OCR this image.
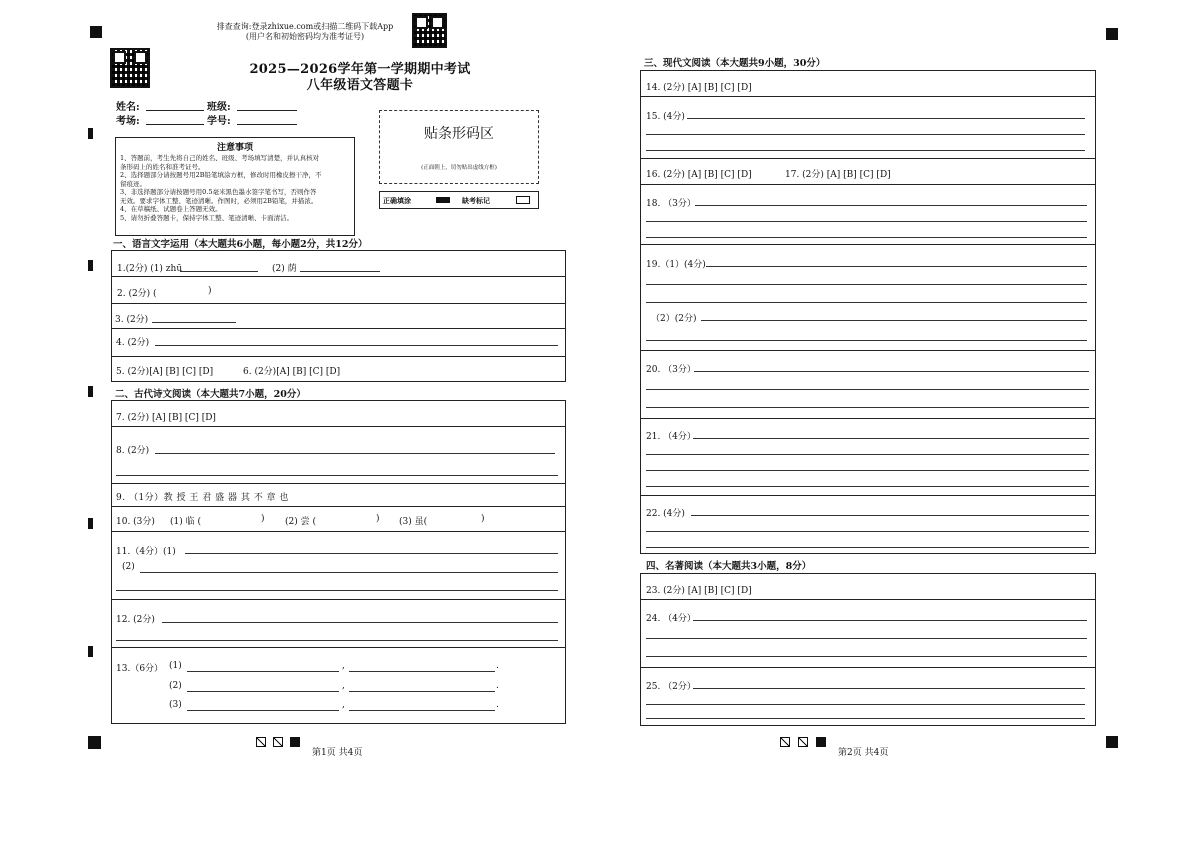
排查查询:登录zhixue.com或扫描二维码下载App
(用户名和初始密码均为准考证号)
2025—2026学年第一学期期中考试
八年级语文答题卡
姓名:	班级:
考场:	学号:
注意事项
1、答题前，考生先将自己的姓名、班级、考场填写清楚，并认真核对
条形码上的姓名和准考证号。
2、选择题部分请按题号用2B铅笔填涂方框，修改时用橡皮擦干净，不
留痕迹。
3、非选择题部分请按题号用0.5毫米黑色墨水签字笔书写，否则作答
无效。要求字体工整、笔迹清晰。作图时，必须用2B铅笔，并描浓。
4、在草稿纸、试题卷上答题无效。
5、请勿折叠答题卡，保持字体工整、笔迹清晰、卡面清洁。
贴条形码区
(正面朝上，切勿贴出虚线方框)
正确填涂	缺考标记
一、语言文字运用（本大题共6小题，每小题2分，共12分）
1.(2分) (1) zhū	(2) 荫
2. (2分) (	)
3. (2分)
4. (2分)
5. (2分)[A] [B] [C] [D]	6. (2分)[A] [B] [C] [D]
二、古代诗文阅读（本大题共7小题，20分）
7. (2分) [A] [B] [C] [D]
8. (2分)
9. （1分）教 授 王 君 盛 器 其 不 章 也
10. (3分) (1) 临 (	) (2) 尝 (	) (3) 虽(	)
11.（4分）(1)
(2)
12. (2分)
13.（6分） (1)	,	.
(2)	,	.
(3)	,	.
第1页 共4页
三、现代文阅读（本大题共9小题，30分）
14. (2分) [A] [B] [C] [D]
15. (4分)
16. (2分) [A] [B] [C] [D]	17. (2分) [A] [B] [C] [D]
18. （3分）
19.（1）(4分)
（2）(2分)
20. （3分）
21. （4分）
22. (4分)
四、名著阅读（本大题共3小题，8分）
23. (2分) [A] [B] [C] [D]
24. （4分）
25. （2分）
第2页 共4页
